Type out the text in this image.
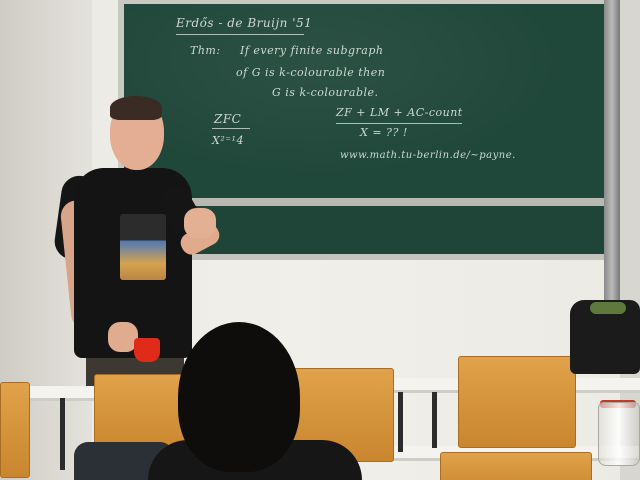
Erdős - de Bruijn '51
Thm: If every finite subgraph
of G is k-colourable then
G is k-colourable.
ZFC
X²⁼¹4
ZF + LM + AC-count
X = ?? !
www.math.tu-berlin.de/~payne.
